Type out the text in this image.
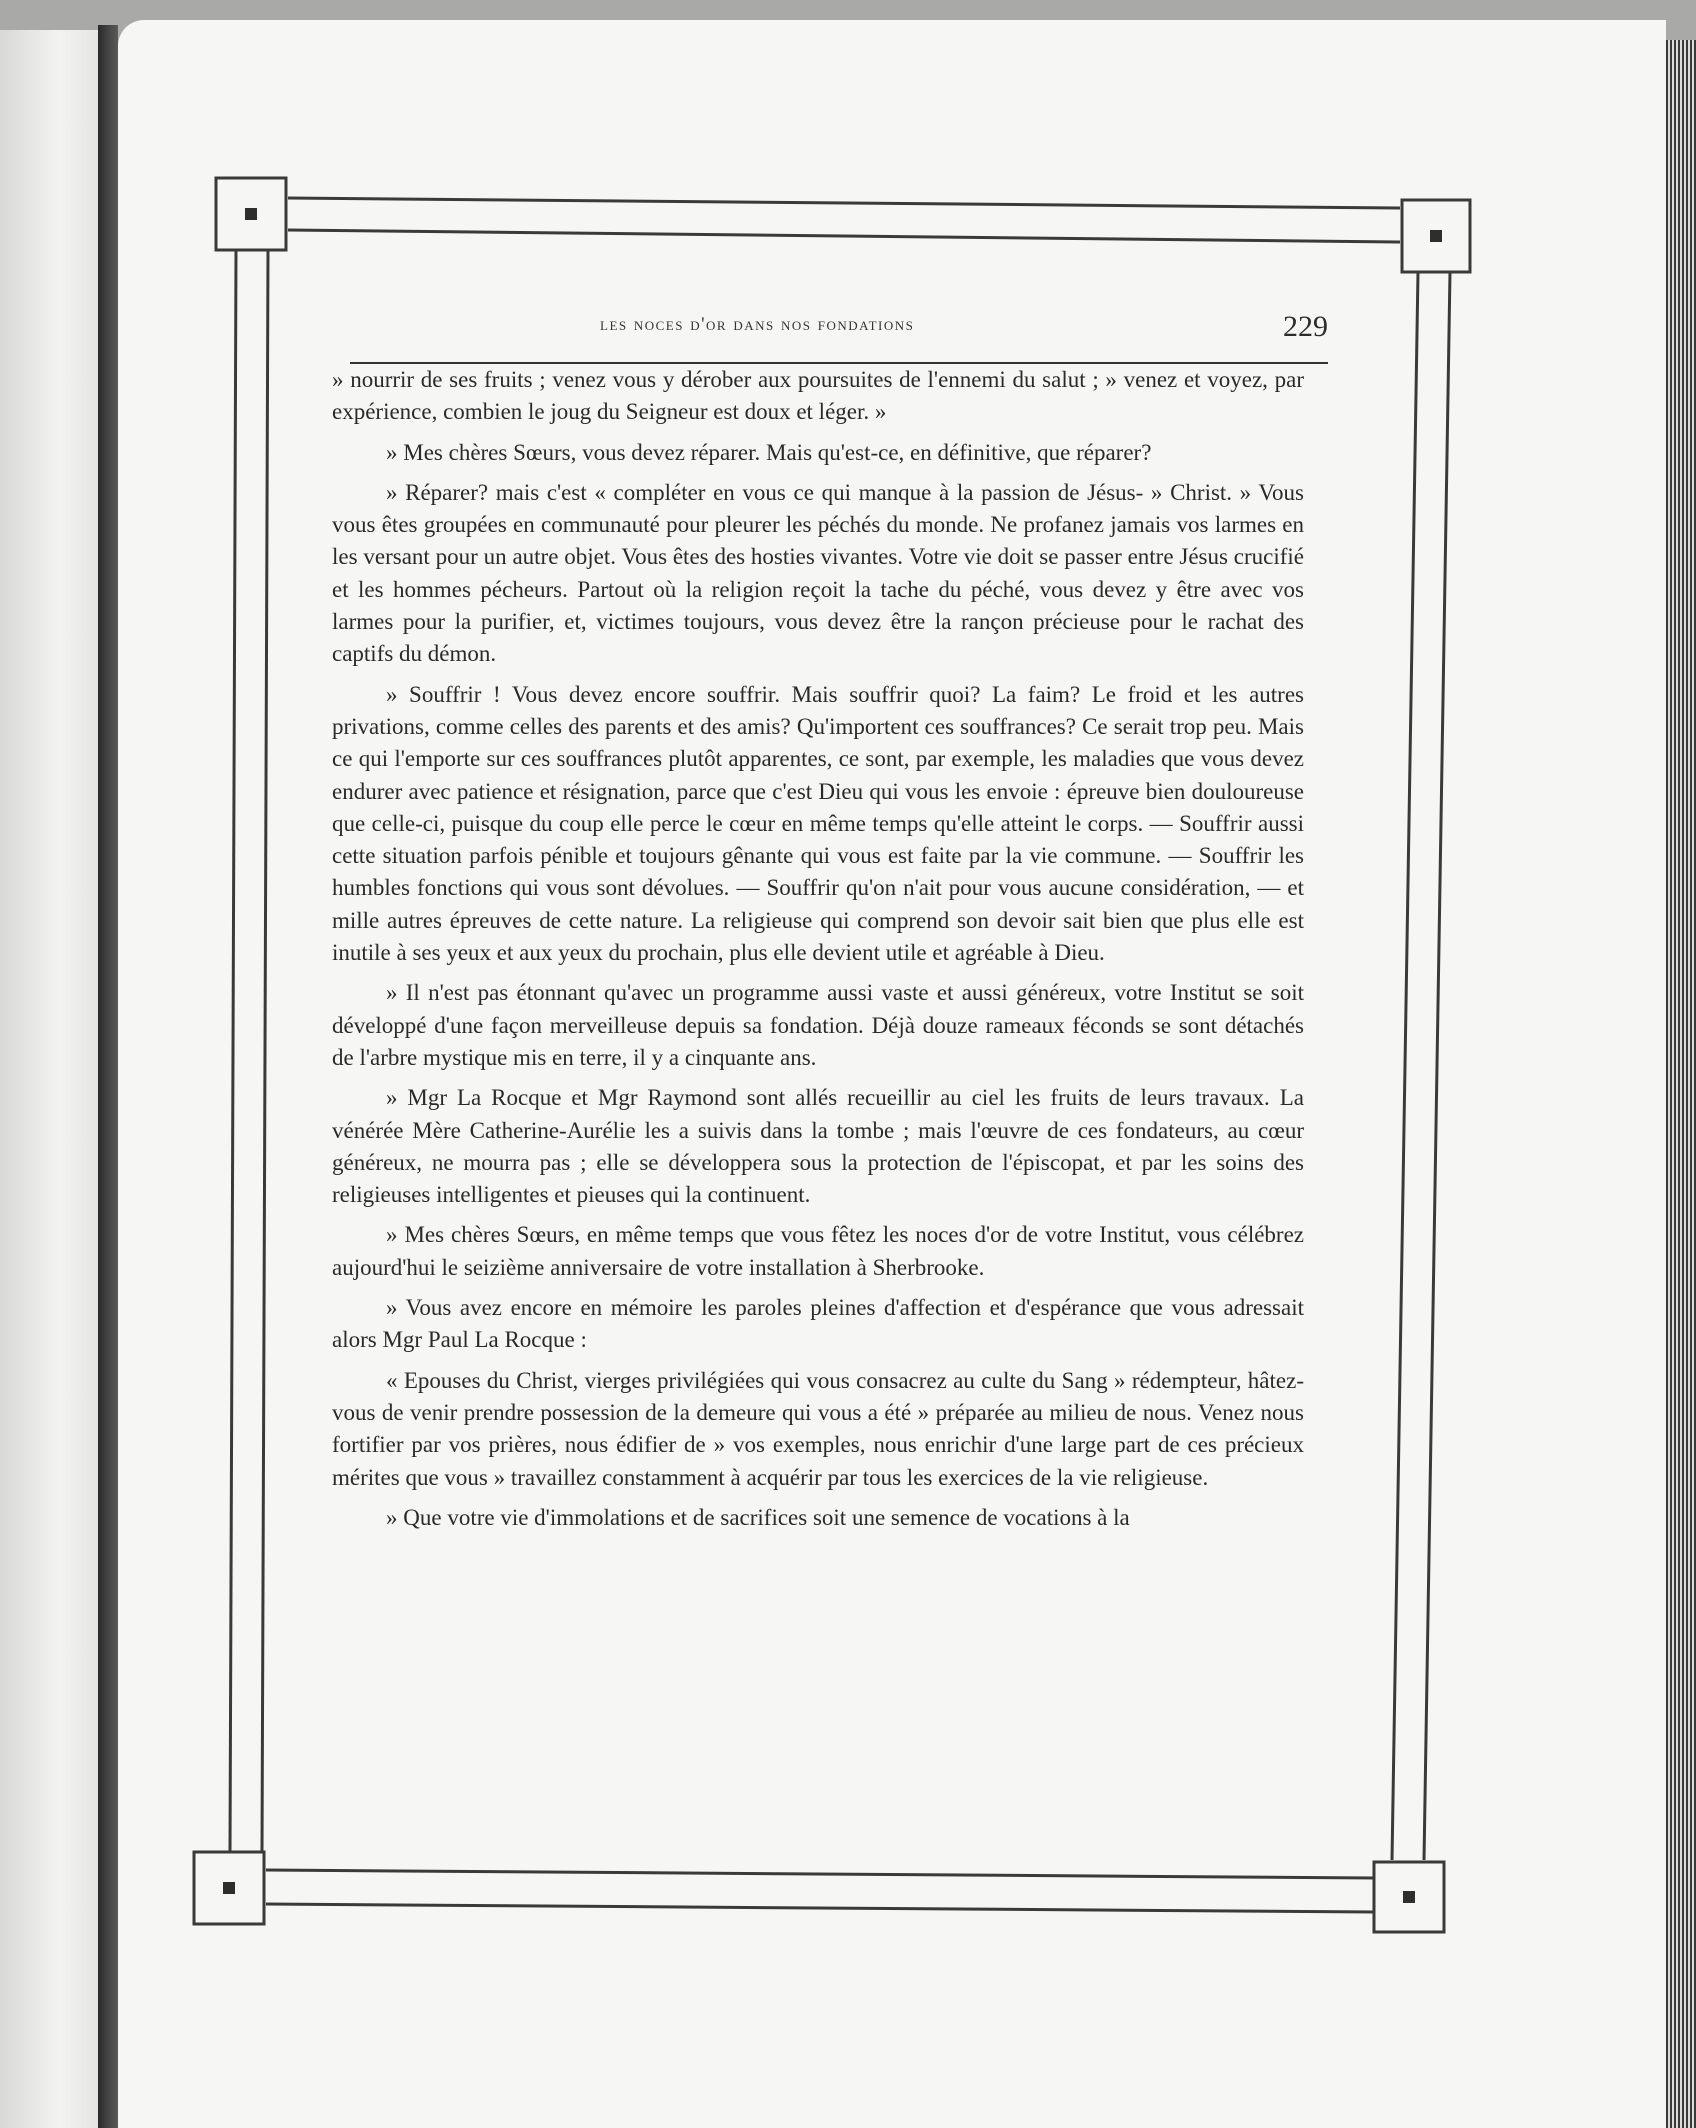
les noces d'or dans nos fondations	229

» nourrir de ses fruits ; venez vous y dérober aux poursuites de l'ennemi du salut ; » venez et voyez, par expérience, combien le joug du Seigneur est doux et léger. »

» Mes chères Sœurs, vous devez réparer. Mais qu'est-ce, en définitive, que réparer?

» Réparer? mais c'est « compléter en vous ce qui manque à la passion de Jésus- » Christ. » Vous vous êtes groupées en communauté pour pleurer les péchés du monde. Ne profanez jamais vos larmes en les versant pour un autre objet. Vous êtes des hosties vivantes. Votre vie doit se passer entre Jésus crucifié et les hommes pécheurs. Partout où la religion reçoit la tache du péché, vous devez y être avec vos larmes pour la purifier, et, victimes toujours, vous devez être la rançon précieuse pour le rachat des captifs du démon.

» Souffrir ! Vous devez encore souffrir. Mais souffrir quoi? La faim? Le froid et les autres privations, comme celles des parents et des amis? Qu'importent ces souffrances? Ce serait trop peu. Mais ce qui l'emporte sur ces souffrances plutôt apparentes, ce sont, par exemple, les maladies que vous devez endurer avec patience et résignation, parce que c'est Dieu qui vous les envoie : épreuve bien douloureuse que celle-ci, puisque du coup elle perce le cœur en même temps qu'elle atteint le corps. — Souffrir aussi cette situation parfois pénible et toujours gênante qui vous est faite par la vie commune. — Souffrir les humbles fonctions qui vous sont dévolues. — Souffrir qu'on n'ait pour vous aucune considération, — et mille autres épreuves de cette nature. La religieuse qui comprend son devoir sait bien que plus elle est inutile à ses yeux et aux yeux du prochain, plus elle devient utile et agréable à Dieu.

» Il n'est pas étonnant qu'avec un programme aussi vaste et aussi généreux, votre Institut se soit développé d'une façon merveilleuse depuis sa fondation. Déjà douze rameaux féconds se sont détachés de l'arbre mystique mis en terre, il y a cinquante ans.

» Mgr La Rocque et Mgr Raymond sont allés recueillir au ciel les fruits de leurs travaux. La vénérée Mère Catherine-Aurélie les a suivis dans la tombe ; mais l'œuvre de ces fondateurs, au cœur généreux, ne mourra pas ; elle se développera sous la protection de l'épiscopat, et par les soins des religieuses intelligentes et pieuses qui la continuent.

» Mes chères Sœurs, en même temps que vous fêtez les noces d'or de votre Institut, vous célébrez aujourd'hui le seizième anniversaire de votre installation à Sherbrooke.

» Vous avez encore en mémoire les paroles pleines d'affection et d'espérance que vous adressait alors Mgr Paul La Rocque :

« Epouses du Christ, vierges privilégiées qui vous consacrez au culte du Sang » rédempteur, hâtez-vous de venir prendre possession de la demeure qui vous a été » préparée au milieu de nous. Venez nous fortifier par vos prières, nous édifier de » vos exemples, nous enrichir d'une large part de ces précieux mérites que vous » travaillez constamment à acquérir par tous les exercices de la vie religieuse.

» Que votre vie d'immolations et de sacrifices soit une semence de vocations à la
